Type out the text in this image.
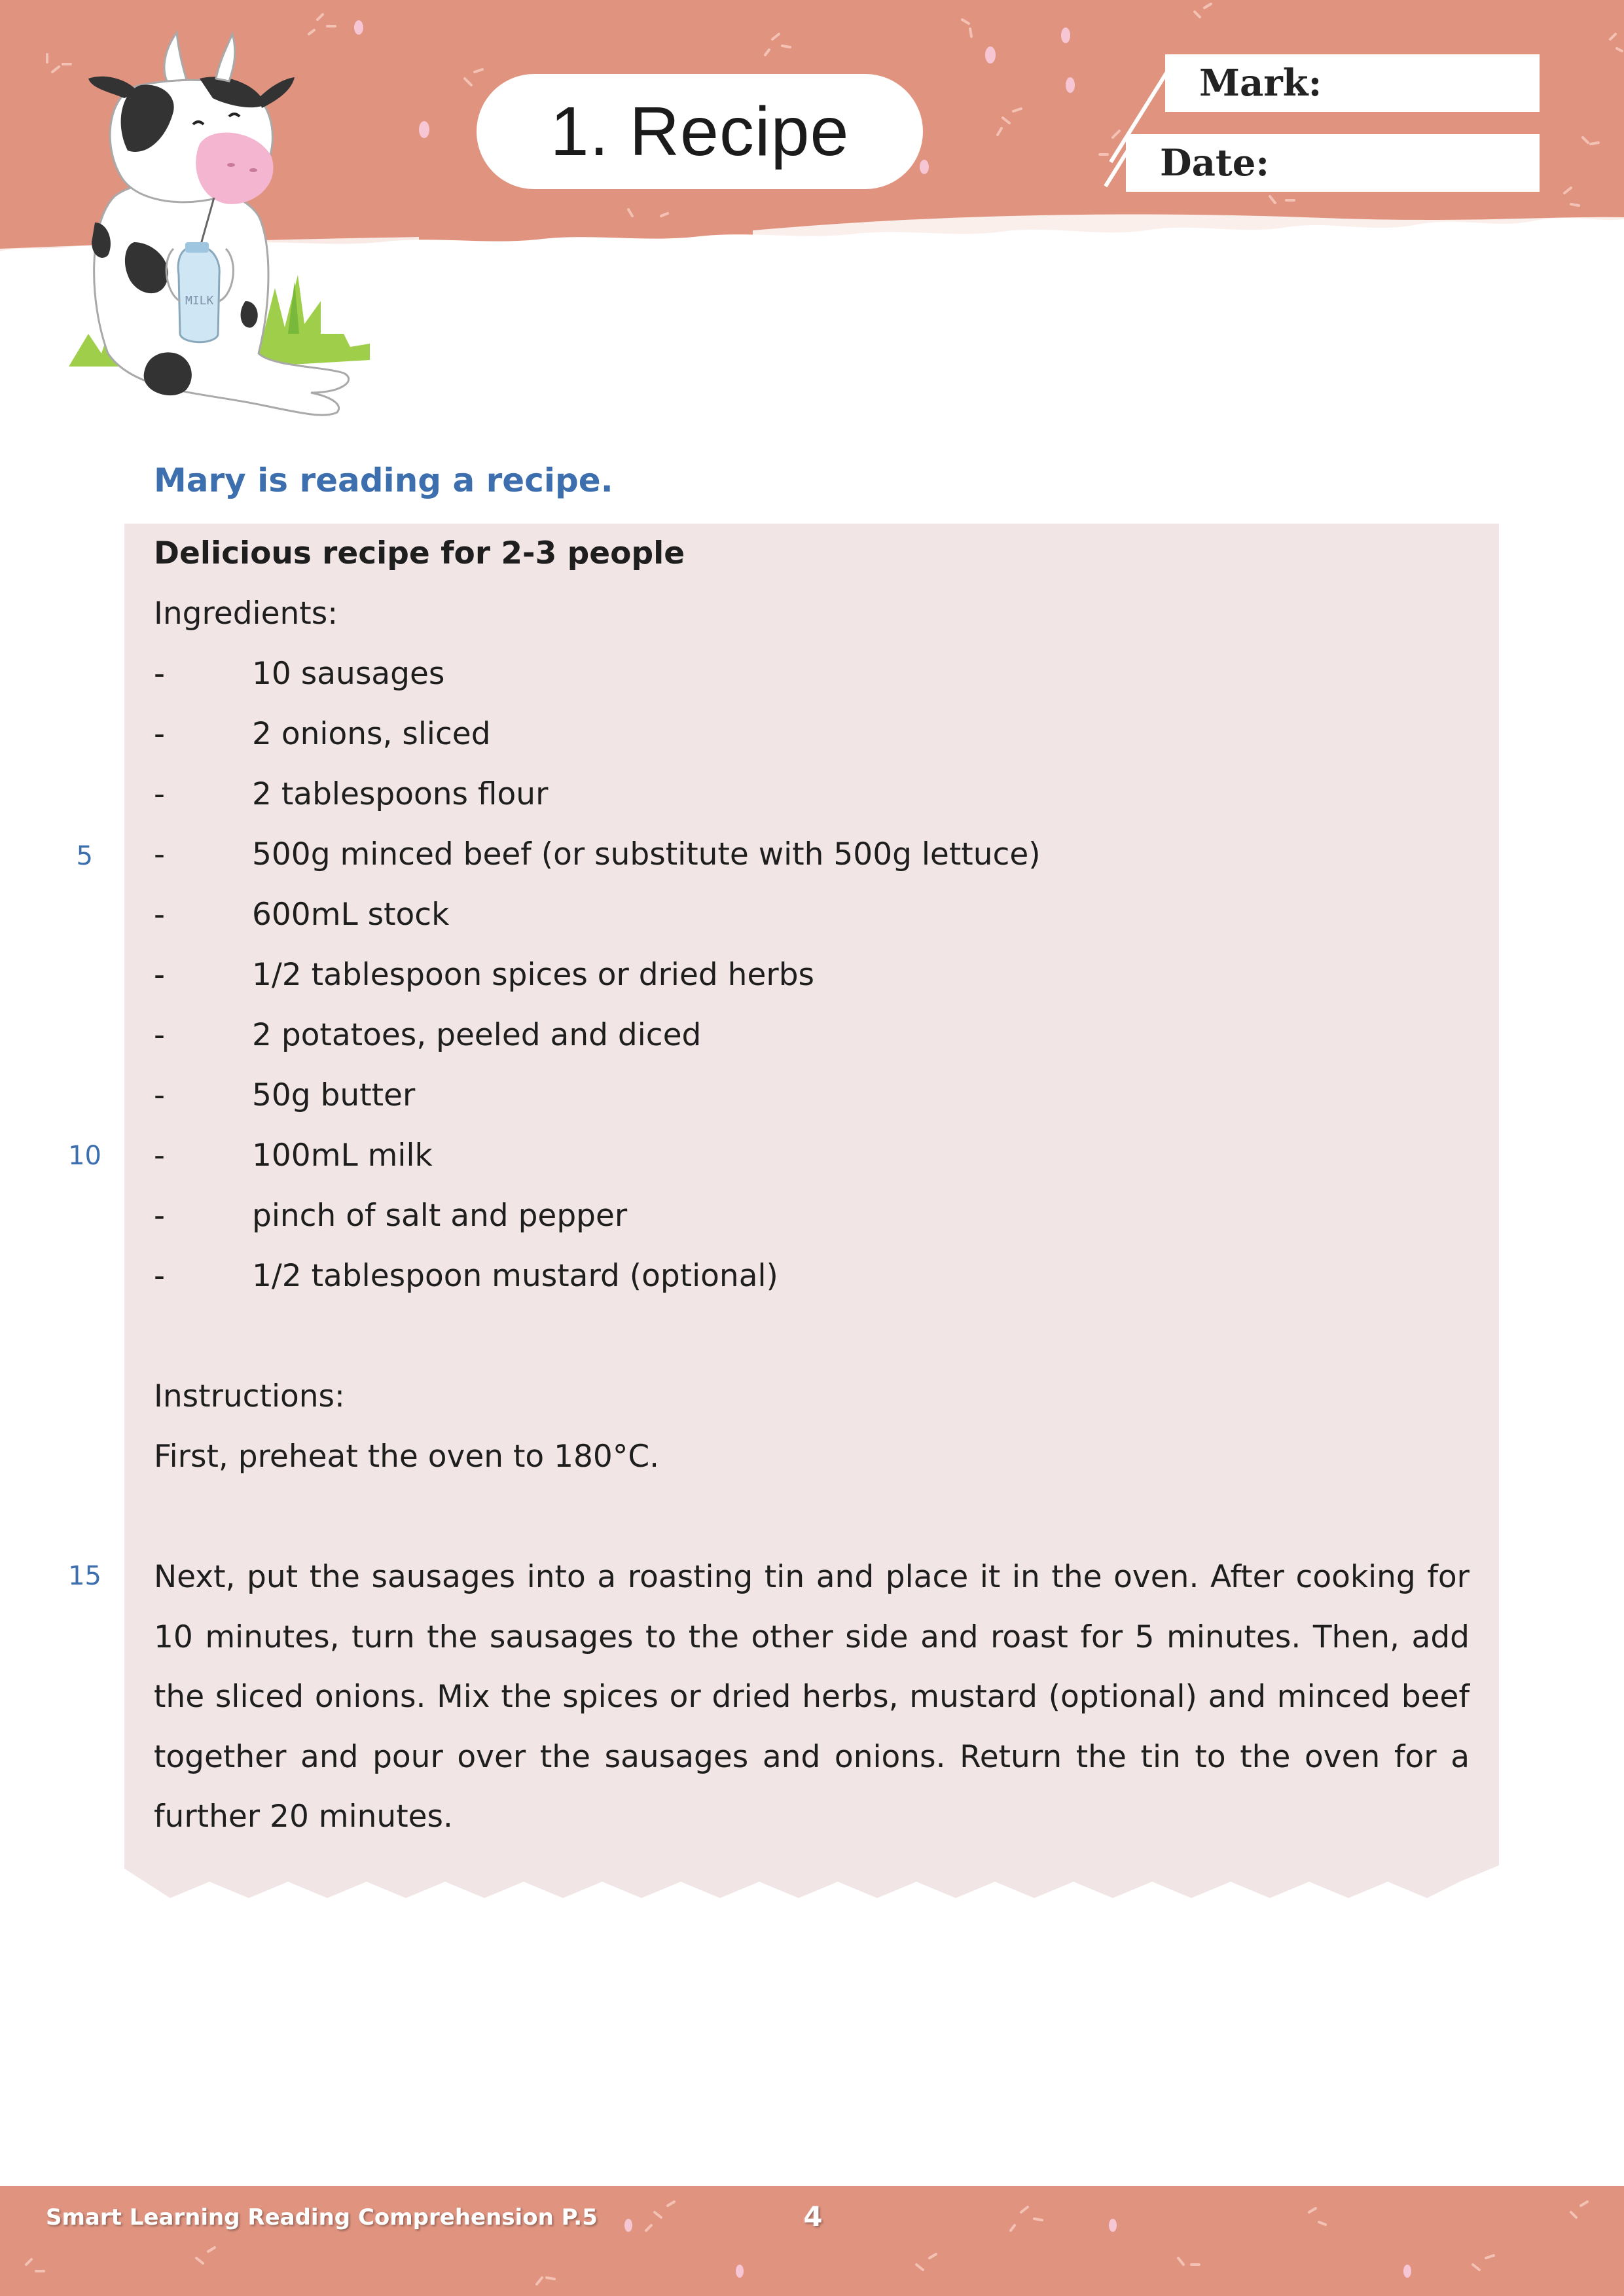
1. Recipe
Mark:
Date:
MILK
Mary is reading a recipe.
Delicious recipe for 2-3 people
Ingredients:
-	10 sausages
-	2 onions, sliced
-	2 tablespoons flour
-	500g minced beef (or substitute with 500g lettuce)
-	600mL stock
-	1/2 tablespoon spices or dried herbs
-	2 potatoes, peeled and diced
-	50g butter
-	100mL milk
-	pinch of salt and pepper
-	1/2 tablespoon mustard (optional)
Instructions:
First, preheat the oven to 180°C.
Next, put the sausages into a roasting tin and place it in the oven. After cooking for 10 minutes, turn the sausages to the other side and roast for 5 minutes. Then, add the sliced onions. Mix the spices or dried herbs, mustard (optional) and minced beef together and pour over the sausages and onions. Return the tin to the oven for a further 20 minutes.
5
10
15
Smart Learning Reading Comprehension P.5	4
